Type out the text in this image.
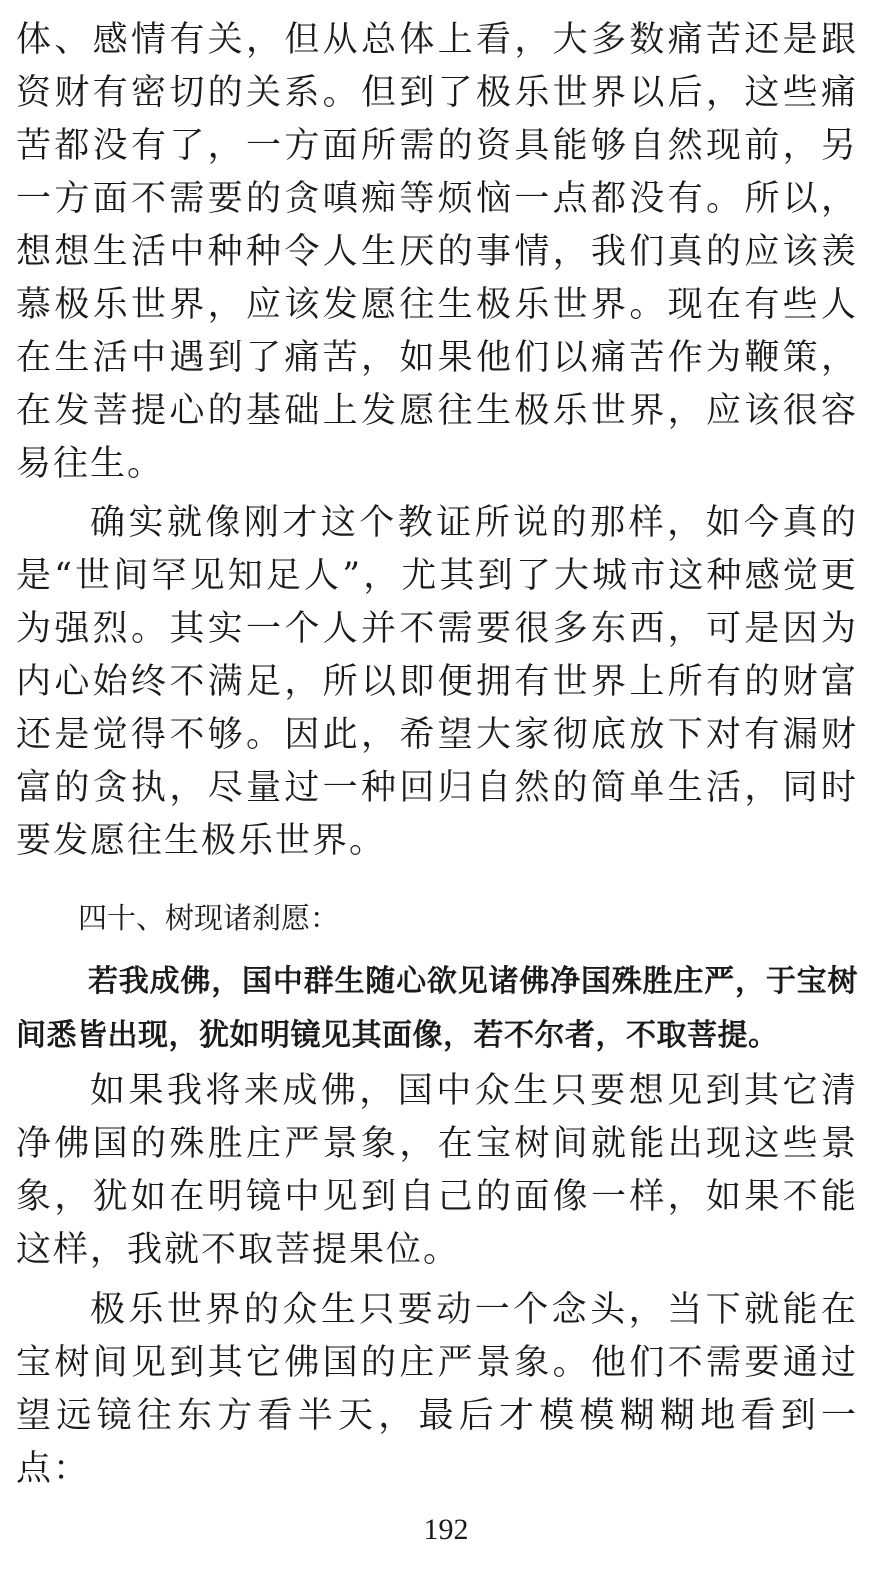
体、感情有关，但从总体上看，大多数痛苦还是跟资财有密切的关系。但到了极乐世界以后，这些痛苦都没有了，一方面所需的资具能够自然现前，另一方面不需要的贪嗔痴等烦恼一点都没有。所以，想想生活中种种令人生厌的事情，我们真的应该羡慕极乐世界，应该发愿往生极乐世界。现在有些人在生活中遇到了痛苦，如果他们以痛苦作为鞭策，在发菩提心的基础上发愿往生极乐世界，应该很容易往生。

确实就像刚才这个教证所说的那样，如今真的是“世间罕见知足人”，尤其到了大城市这种感觉更为强烈。其实一个人并不需要很多东西，可是因为内心始终不满足，所以即便拥有世界上所有的财富还是觉得不够。因此，希望大家彻底放下对有漏财富的贪执，尽量过一种回归自然的简单生活，同时要发愿往生极乐世界。

四十、树现诸刹愿：

若我成佛，国中群生随心欲见诸佛净国殊胜庄严，于宝树间悉皆出现，犹如明镜见其面像，若不尔者，不取菩提。

如果我将来成佛，国中众生只要想见到其它清净佛国的殊胜庄严景象，在宝树间就能出现这些景象，犹如在明镜中见到自己的面像一样，如果不能这样，我就不取菩提果位。

极乐世界的众生只要动一个念头，当下就能在宝树间见到其它佛国的庄严景象。他们不需要通过望远镜往东方看半天，最后才模模糊糊地看到一点：

192
